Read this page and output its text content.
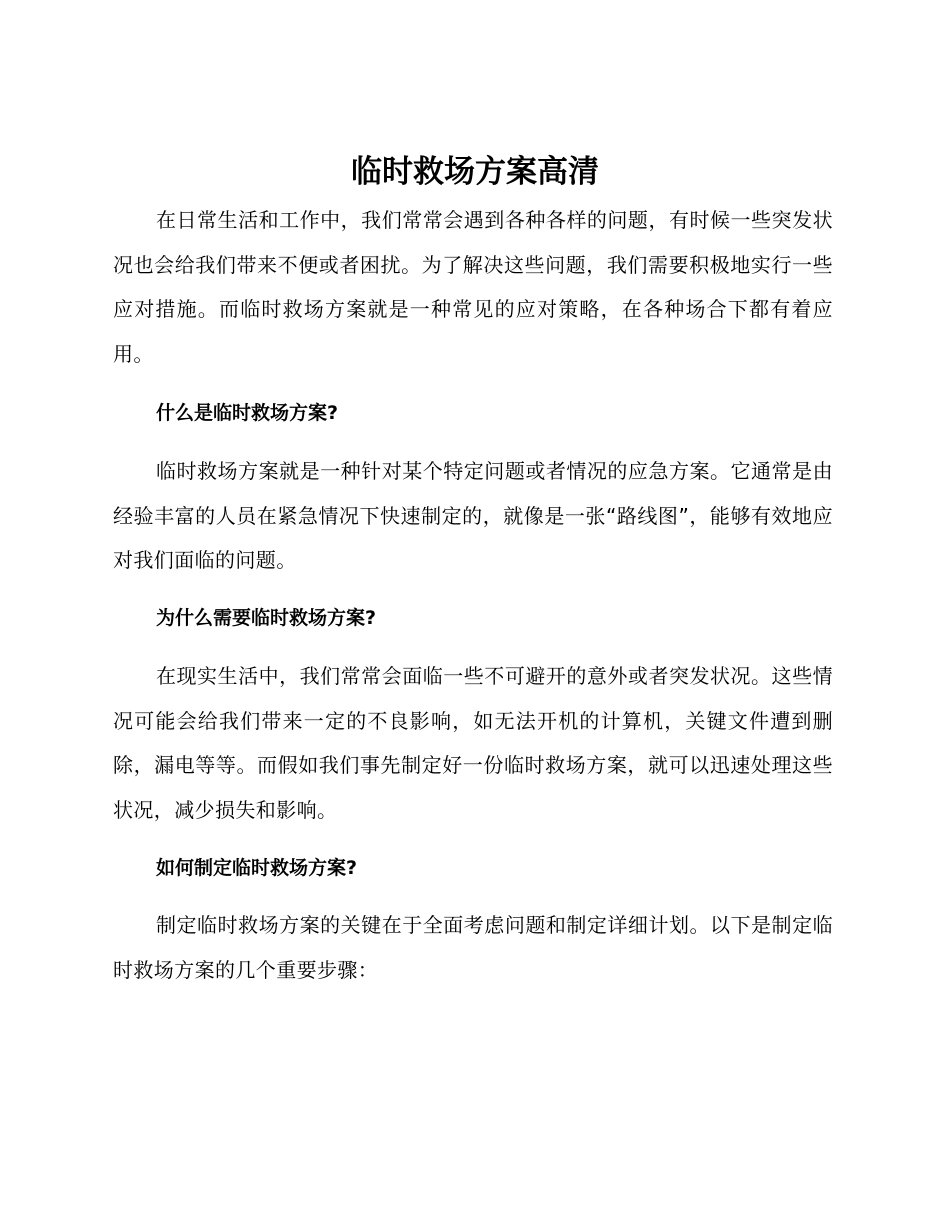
临时救场方案高清

在日常生活和工作中，我们常常会遇到各种各样的问题，有时候一些突发状况也会给我们带来不便或者困扰。为了解决这些问题，我们需要积极地实行一些应对措施。而临时救场方案就是一种常见的应对策略，在各种场合下都有着应用。

什么是临时救场方案?

临时救场方案就是一种针对某个特定问题或者情况的应急方案。它通常是由经验丰富的人员在紧急情况下快速制定的，就像是一张“路线图”，能够有效地应对我们面临的问题。

为什么需要临时救场方案?

在现实生活中，我们常常会面临一些不可避开的意外或者突发状况。这些情况可能会给我们带来一定的不良影响，如无法开机的计算机，关键文件遭到删除，漏电等等。而假如我们事先制定好一份临时救场方案，就可以迅速处理这些状况，减少损失和影响。

如何制定临时救场方案?

制定临时救场方案的关键在于全面考虑问题和制定详细计划。以下是制定临时救场方案的几个重要步骤：
